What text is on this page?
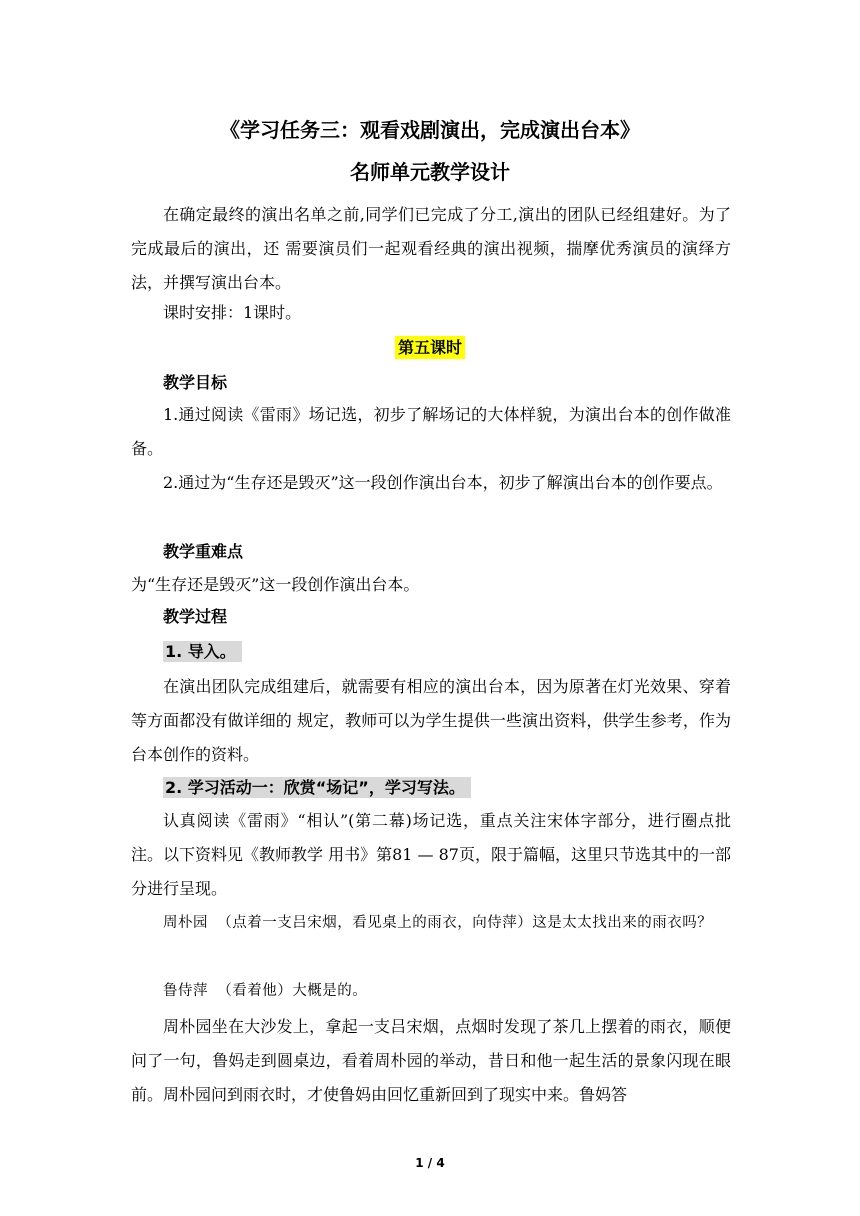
《学习任务三：观看戏剧演出，完成演出台本》
名师单元教学设计

在确定最终的演出名单之前,同学们已完成了分工,演出的团队已经组建好。为了完成最后的演出，还 需要演员们一起观看经典的演出视频，揣摩优秀演员的演绎方法，并撰写演出台本。

课时安排：1课时。

第五课时

教学目标

1.通过阅读《雷雨》场记选，初步了解场记的大体样貌，为演出台本的创作做准备。

2.通过为“生存还是毁灭”这一段创作演出台本，初步了解演出台本的创作要点。

教学重难点

为“生存还是毁灭”这一段创作演出台本。

教学过程

1. 导入。

在演出团队完成组建后，就需要有相应的演出台本，因为原著在灯光效果、穿着等方面都没有做详细的 规定，教师可以为学生提供一些演出资料，供学生参考，作为台本创作的资料。

2. 学习活动一：欣赏“场记”，学习写法。

认真阅读《雷雨》“相认”(第二幕)场记选，重点关注宋体字部分，进行圈点批注。以下资料见《教师教学 用书》第81 — 87页，限于篇幅，这里只节选其中的一部分进行呈现。

周朴园 （点着一支吕宋烟，看见桌上的雨衣，向侍萍）这是太太找出来的雨衣吗？

鲁侍萍 （看着他）大概是的。

周朴园坐在大沙发上，拿起一支吕宋烟，点烟时发现了茶几上摆着的雨衣，顺便问了一句，鲁妈走到圆桌边，看着周朴园的举动，昔日和他一起生活的景象闪现在眼前。周朴园问到雨衣时，才使鲁妈由回忆重新回到了现实中来。鲁妈答

1 / 4
